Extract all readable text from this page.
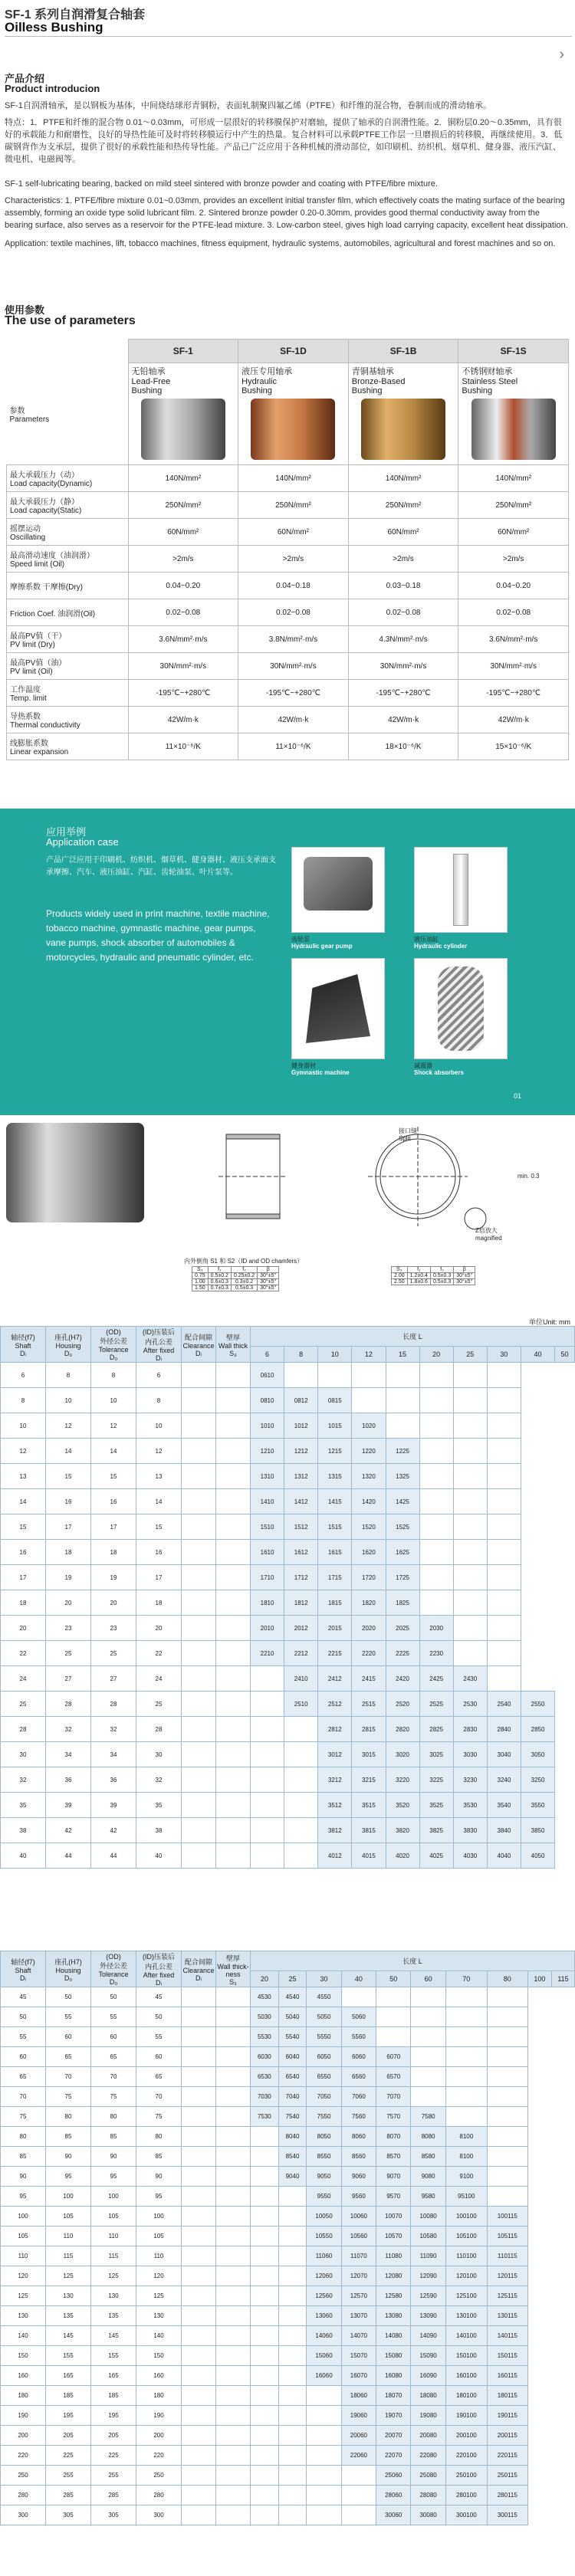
SF-1 系列自润滑复合轴套
Oilless Bushing
›
产品介绍
Product introducion
SF-1自润滑轴承，是以钢板为基体，中间烧结球形青铜粉，表面轧制聚四氟乙烯（PTFE）和纤维的混合物，卷制而成的滑动轴承。
特点：1．PTFE和纤维的混合物 0.01～0.03mm，可形成一层很好的转移膜保护对磨轴，提供了轴承的自润滑性能。2．铜粉层0.20～0.35mm，具有很好的承载能力和耐磨性，良好的导热性能可及时将转移膜运行中产生的热量。复合材料可以承载PTFE工作层一旦磨损后的转移膜，再继续使用。3．低碳钢背作为支承层，提供了很好的承载性能和热传导性能。产品已广泛应用于各种机械的滑动部位，如印刷机、纺织机、烟草机、健身器、液压汽缸、微电机、电磁阀等。
SF-1 self-lubricating bearing, backed on mild steel sintered with bronze powder and coating with PTFE/fibre mixture.
Characteristics: 1. PTFE/fibre mixture 0.01~0.03mm, provides an excellent initial transfer film, which effectively coats the mating surface of the bearing assembly, forming an oxide type solid lubricant film. 2. Sintered bronze powder 0.20-0.30mm, provides good thermal conductivity away from the bearing surface, also serves as a reservoir for the PTFE-lead mixture. 3. Low-carbon steel, gives high load carrying capacity, excellent heat dissipation.
Application: textile machines, lift, tobacco machines, fitness equipment, hydraulic systems, automobiles, agricultural and forest machines and so on.
使用参数
The use of parameters
	SF-1	SF-1D	SF-1B	SF-1S
参数
Parameters	无铅轴承
Lead-Free
Bushing	液压专用轴承
Hydraulic
Bushing	青铜基轴承
Bronze-Based
Bushing	不锈钢财轴承
Stainless Steel
Bushing

最大承载压力（动）
Load capacity(Dynamic)	140N/mm²	140N/mm²	140N/mm²	140N/mm²
最大承载压力（静）
Load capacity(Static)	250N/mm²	250N/mm²	250N/mm²	250N/mm²
摇摆运动
Oscillating	60N/mm²	60N/mm²	60N/mm²	60N/mm²
最高滑动速度（油润滑）
Speed limit (Oil)	>2m/s	>2m/s	>2m/s	>2m/s
摩擦系数 干摩擦(Dry)	0.04~0.20	0.04~0.18	0.03~0.18	0.04~0.20
Friction Coef. 油润滑(Oil)	0.02~0.08	0.02~0.08	0.02~0.08	0.02~0.08
最高PV值（干）
PV limit (Dry)	3.6N/mm²·m/s	3.8N/mm²·m/s	4.3N/mm²·m/s	3.6N/mm²·m/s
最高PV值（油）
PV limit (Oil)	30N/mm²·m/s	30N/mm²·m/s	30N/mm²·m/s	30N/mm²·m/s
工作温度
Temp. limit	-195℃~+280℃	-195℃~+280℃	-195℃~+280℃	-195℃~+280℃
导热系数
Thermal conductivity	42W/m·k	42W/m·k	42W/m·k	42W/m·k
线膨胀系数
Linear expansion	11×10⁻⁶/K	11×10⁻⁶/K	18×10⁻⁶/K	15×10⁻⁶/K
应用举例
Application case
产品广泛应用于印刷机、纺织机、烟草机、健身器材、液压支承面支承摩擦、汽车、液压油缸、汽缸、齿轮油泵、叶片泵等。
Products widely used in print machine, textile machine, tobacco machine, gymnastic machine, gear pumps, vane pumps, shock absorber of automobiles & motorcycles, hydraulic and pneumatic cylinder, etc.
齿轮泵
Hydraulic gear pump
液压油缸
Hydraulic cylinder
健身器材
Gymnastic machine
减震器
Shock absorbers
01
接口缝
Split
min. 0.3
Z倍放大
magnified
内外倒角 S1 和 S2（ID and OD chamfers）
S₃	f₁	f₂	β
0.75	0.5±0.2	0.25±0.2	30°±5°
1.00	0.6±0.3	0.3±0.2	30°±5°
1.50	0.7±0.3	0.5±0.3	30°±5°
S₃	f₁	f₂	β
2.00	1.2±0.4	0.5±0.3	30°±5°
2.50	1.8±0.6	0.5±0.3	30°±5°
单位Unit: mm
轴径(f7)
Shaft
Dᵢ	座孔(H7)
Housing
D₀	(OD)
外径公差
Tolerance
D₀	(ID)压装后
内孔公差
After fixed
Dᵢ	配合间隙
Clearance
Dᵢ	壁厚
Wall thick
S₃	长度 L									
						6	8	10	12	15	20	25	30	40	50
6	8	8	6			0610									
8	10	10	8			0810	0812	0815							
10	12	12	10			1010	1012	1015	1020						
12	14	14	12			1210	1212	1215	1220	1225					
13	15	15	13			1310	1312	1315	1320	1325					
14	16	16	14			1410	1412	1415	1420	1425					
15	17	17	15			1510	1512	1515	1520	1525					
16	18	18	16			1610	1612	1615	1620	1625					
17	19	19	17			1710	1712	1715	1720	1725					
18	20	20	18			1810	1812	1815	1820	1825					
20	23	23	20			2010	2012	2015	2020	2025	2030				
22	25	25	22			2210	2212	2215	2220	2225	2230				
24	27	27	24				2410	2412	2415	2420	2425	2430			
25	28	28	25				2510	2512	2515	2520	2525	2530	2540	2550	
28	32	32	28					2812	2815	2820	2825	2830	2840	2850	
30	34	34	30					3012	3015	3020	3025	3030	3040	3050	
32	36	36	32					3212	3215	3220	3225	3230	3240	3250	
35	39	39	35					3512	3515	3520	3525	3530	3540	3550	
38	42	42	38					3812	3815	3820	3825	3830	3840	3850	
40	44	44	40					4012	4015	4020	4025	4030	4040	4050	
轴径(f7)
Shaft
Dᵢ	座孔(H7)
Housing
D₀	(OD)
外径公差
Tolerance
D₀	(ID)压装后
内孔公差
After fixed
Dᵢ	配合间隙
Clearance
Dᵢ	壁厚
Wall thick-
ness
S₃	长度 L									
						20	25	30	40	50	60	70	80	100	115
45	50	50	45			4530	4540	4550							
50	55	55	50			5030	5040	5050	5060						
55	60	60	55			5530	5540	5550	5560						
60	65	65	60			6030	6040	6050	6060	6070					
65	70	70	65			6530	6540	6550	6560	6570					
70	75	75	70			7030	7040	7050	7060	7070					
75	80	80	75			7530	7540	7550	7560	7570	7580				
80	85	85	80				8040	8050	8060	8070	8080	8100			
85	90	90	85				8540	8550	8560	8570	8580	8100			
90	95	95	90				9040	9050	9060	9070	9080	9100			
95	100	100	95					9550	9560	9570	9580	95100			
100	105	105	100					10050	10060	10070	10080	100100	100115		
105	110	110	105					10550	10560	10570	10580	105100	105115		
110	115	115	110					11060	11070	11080	11090	110100	110115		
120	125	125	120					12060	12070	12080	12090	120100	120115		
125	130	130	125					12560	12570	12580	12590	125100	125115		
130	135	135	130					13060	13070	13080	13090	130100	130115		
140	145	145	140					14060	14070	14080	14090	140100	140115		
150	155	155	150					15060	15070	15080	15090	150100	150115		
160	165	165	160					16060	16070	16080	16090	160100	160115		
180	185	185	180						18060	18070	18080	180100	180115		
190	195	195	190						19060	19070	19080	190100	190115		
200	205	205	200						20060	20070	20080	200100	200115		
220	225	225	220						22060	22070	22080	220100	220115		
250	255	255	250							25060	25080	250100	250115		
280	285	285	280							28060	28080	280100	280115		
300	305	305	300							30060	30080	300100	300115		
